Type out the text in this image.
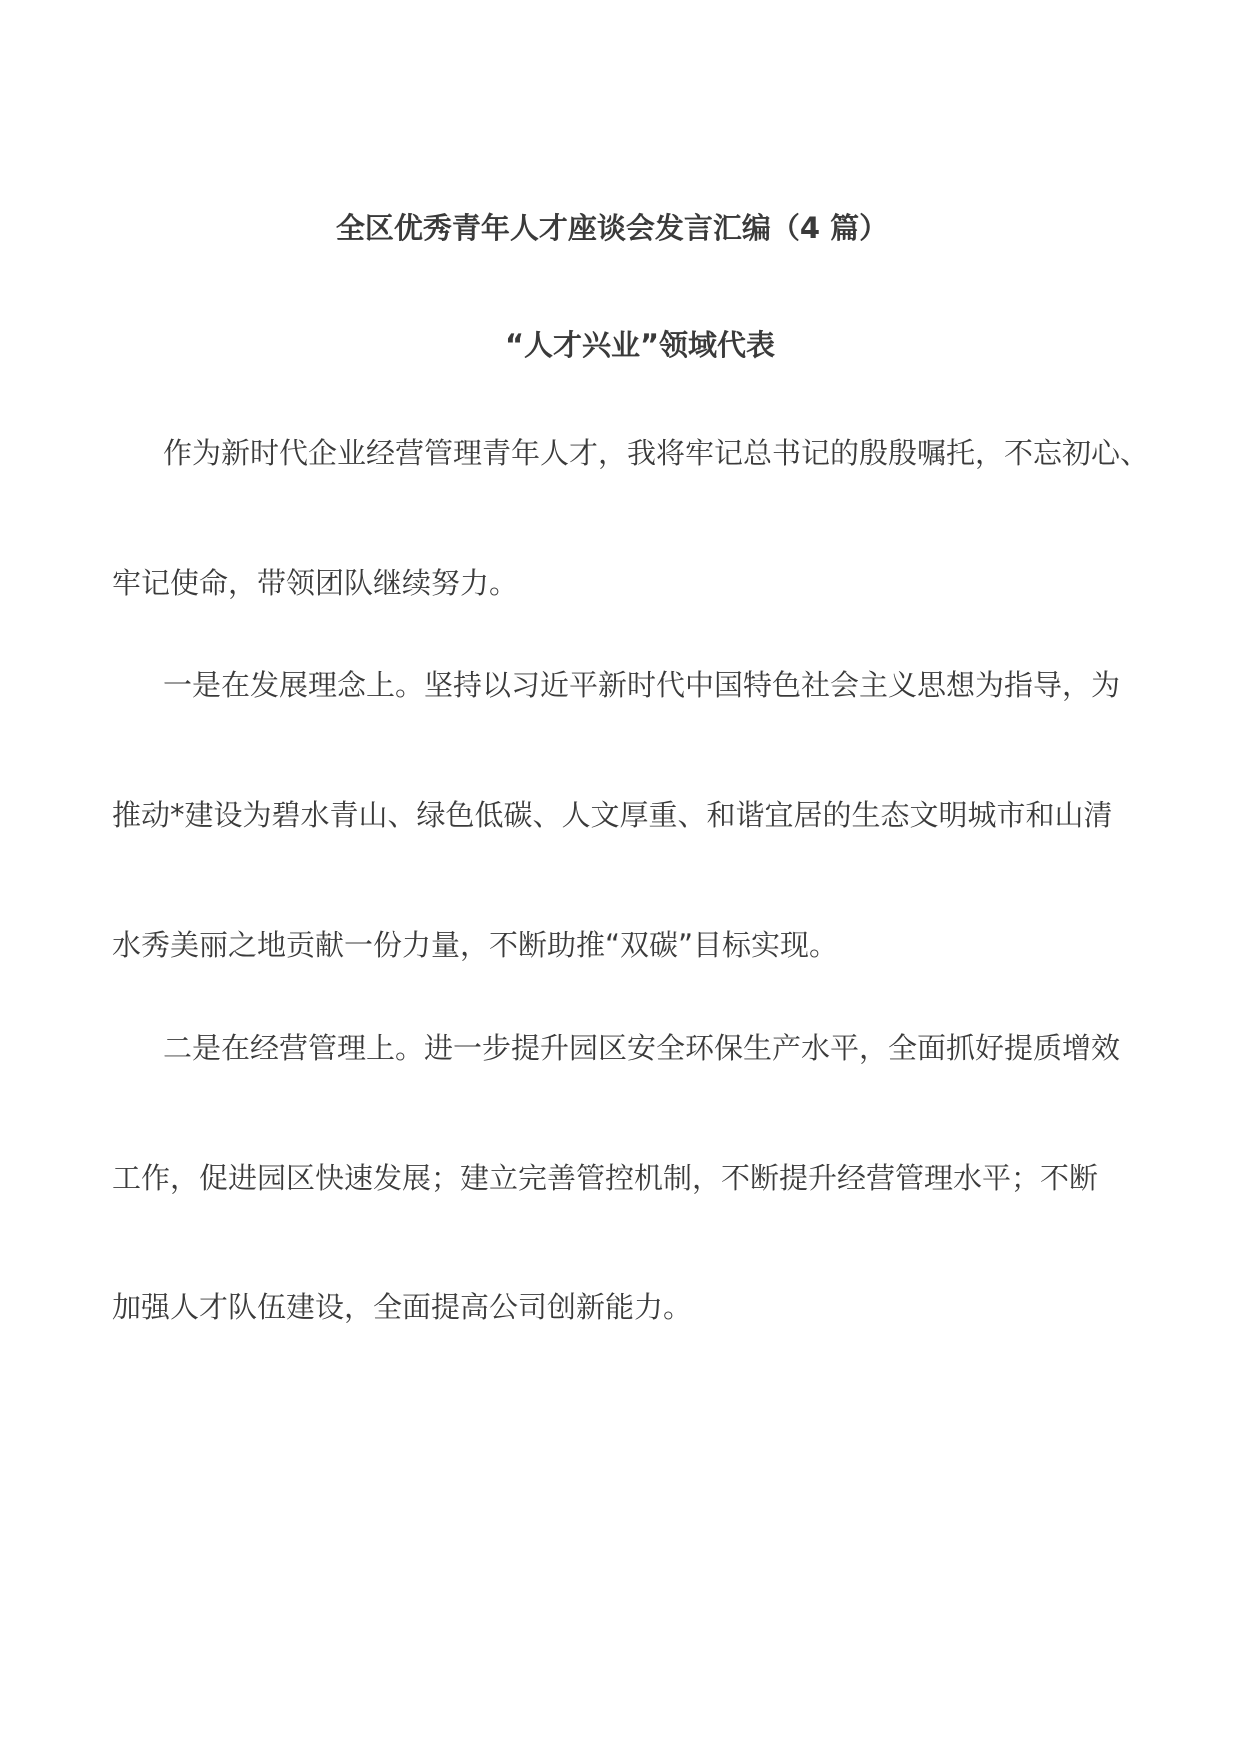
全区优秀青年人才座谈会发言汇编（4 篇）
“人才兴业”领域代表
作为新时代企业经营管理青年人才，我将牢记总书记的殷殷嘱托，不忘初心、
牢记使命，带领团队继续努力。
一是在发展理念上。坚持以习近平新时代中国特色社会主义思想为指导，为
推动*建设为碧水青山、绿色低碳、人文厚重、和谐宜居的生态文明城市和山清
水秀美丽之地贡献一份力量，不断助推“双碳”目标实现。
二是在经营管理上。进一步提升园区安全环保生产水平，全面抓好提质增效
工作，促进园区快速发展；建立完善管控机制，不断提升经营管理水平；不断
加强人才队伍建设，全面提高公司创新能力。
